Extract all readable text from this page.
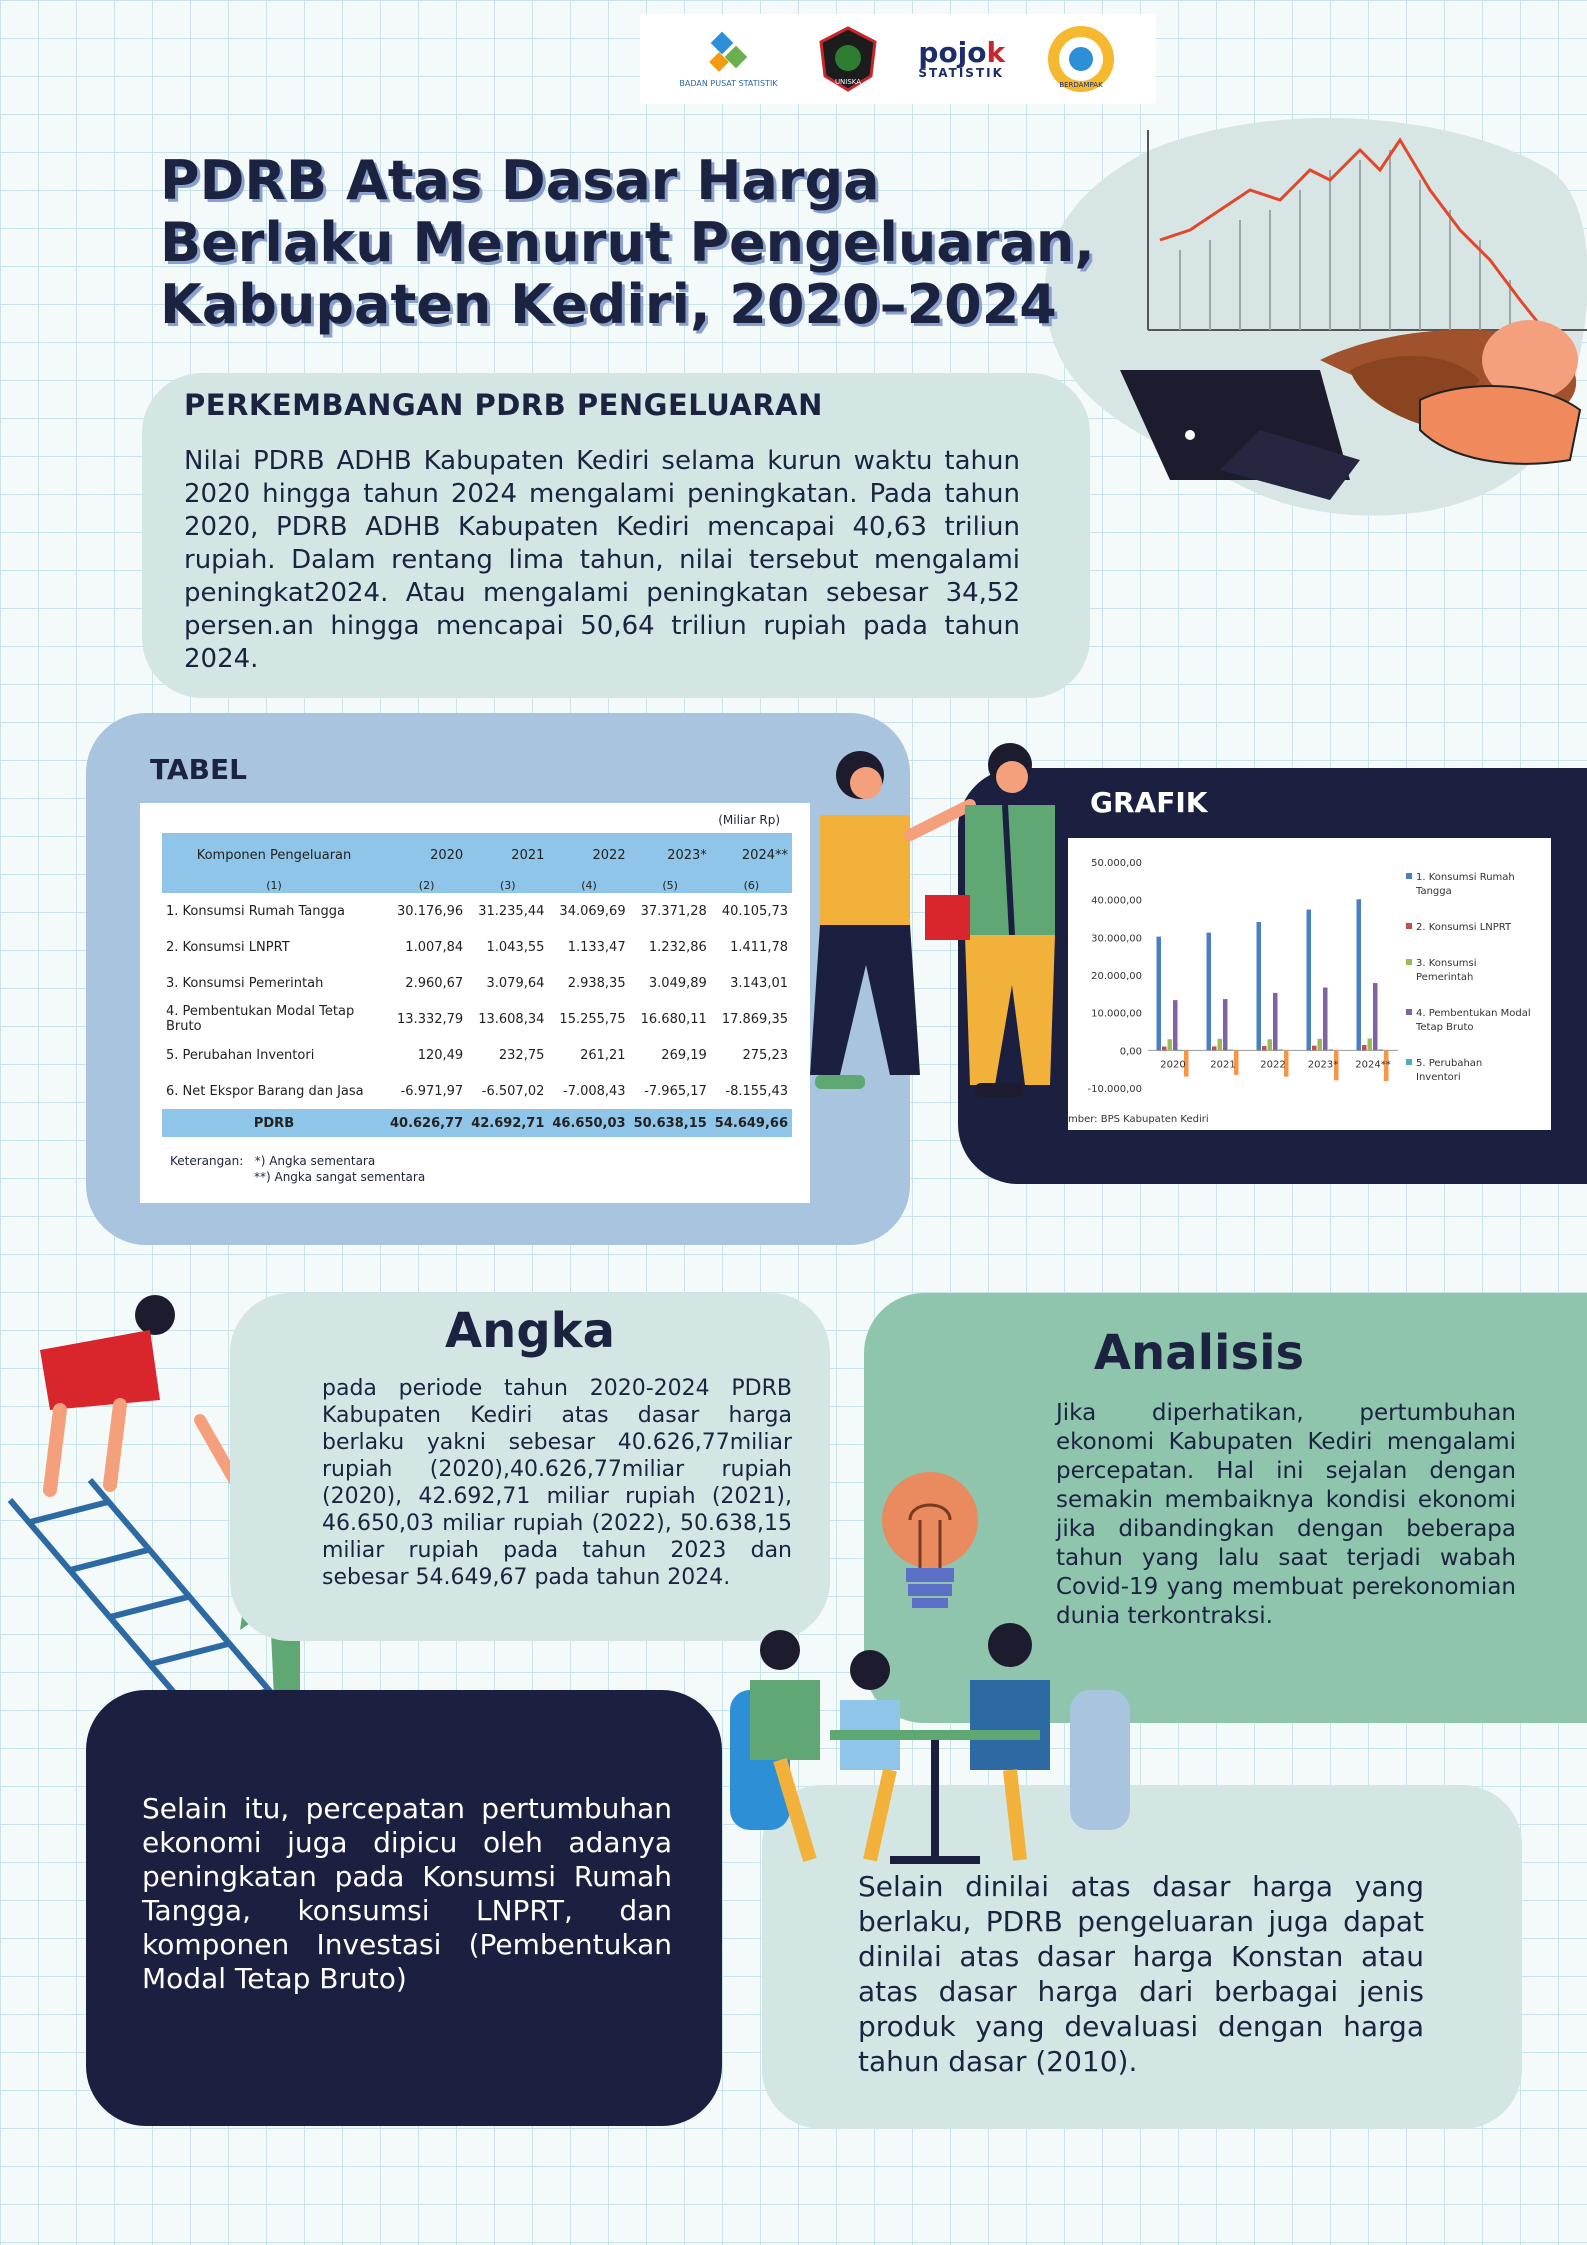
BADAN PUSAT STATISTIK	UNISKA
pojok
STATISTIK
BERDAMPAK
PDRB Atas Dasar Harga
Berlaku Menurut Pengeluaran,
Kabupaten Kediri, 2020–2024
PERKEMBANGAN PDRB PENGELUARAN

Nilai PDRB ADHB Kabupaten Kediri selama kurun waktu tahun 2020 hingga tahun 2024 mengalami peningkatan. Pada tahun 2020, PDRB ADHB Kabupaten Kediri mencapai 40,63 triliun rupiah. Dalam rentang lima tahun, nilai tersebut mengalami peningkat2024. Atau mengalami peningkatan sebesar 34,52 persen.an hingga mencapai 50,64 triliun rupiah pada tahun 2024.

TABEL
(Miliar Rp)
Komponen Pengeluaran	2020	2021	2022	2023*	2024**
(1)	(2)	(3)	(4)	(5)	(6)
1. Konsumsi Rumah Tangga	30.176,96	31.235,44	34.069,69	37.371,28	40.105,73
2. Konsumsi LNPRT	1.007,84	1.043,55	1.133,47	1.232,86	1.411,78
3. Konsumsi Pemerintah	2.960,67	3.079,64	2.938,35	3.049,89	3.143,01
4. Pembentukan Modal Tetap Bruto	13.332,79	13.608,34	15.255,75	16.680,11	17.869,35
5. Perubahan Inventori	120,49	232,75	261,21	269,19	275,23
6. Net Ekspor Barang dan Jasa	-6.971,97	-6.507,02	-7.008,43	-7.965,17	-8.155,43
PDRB	40.626,77	42.692,71	46.650,03	50.638,15	54.649,66
Keterangan: *) Angka sementara
**) Angka sangat sementara
GRAFIK
50.000,00
40.000,00
30.000,00
20.000,00
10.000,00
0,00
-10.000,00
2020 2021 2022 2023* 2024**
1. Konsumsi Rumah
Tangga
2. Konsumsi LNPRT
3. Konsumsi
Pemerintah
4. Pembentukan Modal
Tetap Bruto
5. Perubahan
Inventori
mber: BPS Kabupaten Kediri
Angka

pada periode tahun 2020-2024 PDRB Kabupaten Kediri atas dasar harga berlaku yakni sebesar 40.626,77miliar rupiah (2020),40.626,77miliar rupiah (2020), 42.692,71 miliar rupiah (2021), 46.650,03 miliar rupiah (2022), 50.638,15 miliar rupiah pada tahun 2023 dan sebesar 54.649,67 pada tahun 2024.

Analisis

Jika diperhatikan, pertumbuhan ekonomi Kabupaten Kediri mengalami percepatan. Hal ini sejalan dengan semakin membaiknya kondisi ekonomi jika dibandingkan dengan beberapa tahun yang lalu saat terjadi wabah Covid-19 yang membuat perekonomian dunia terkontraksi.

Selain itu, percepatan pertumbuhan ekonomi juga dipicu oleh adanya peningkatan pada Konsumsi Rumah Tangga, konsumsi LNPRT, dan komponen Investasi (Pembentukan Modal Tetap Bruto)

Selain dinilai atas dasar harga yang berlaku, PDRB pengeluaran juga dapat dinilai atas dasar harga Konstan atau atas dasar harga dari berbagai jenis produk yang devaluasi dengan harga tahun dasar (2010).
